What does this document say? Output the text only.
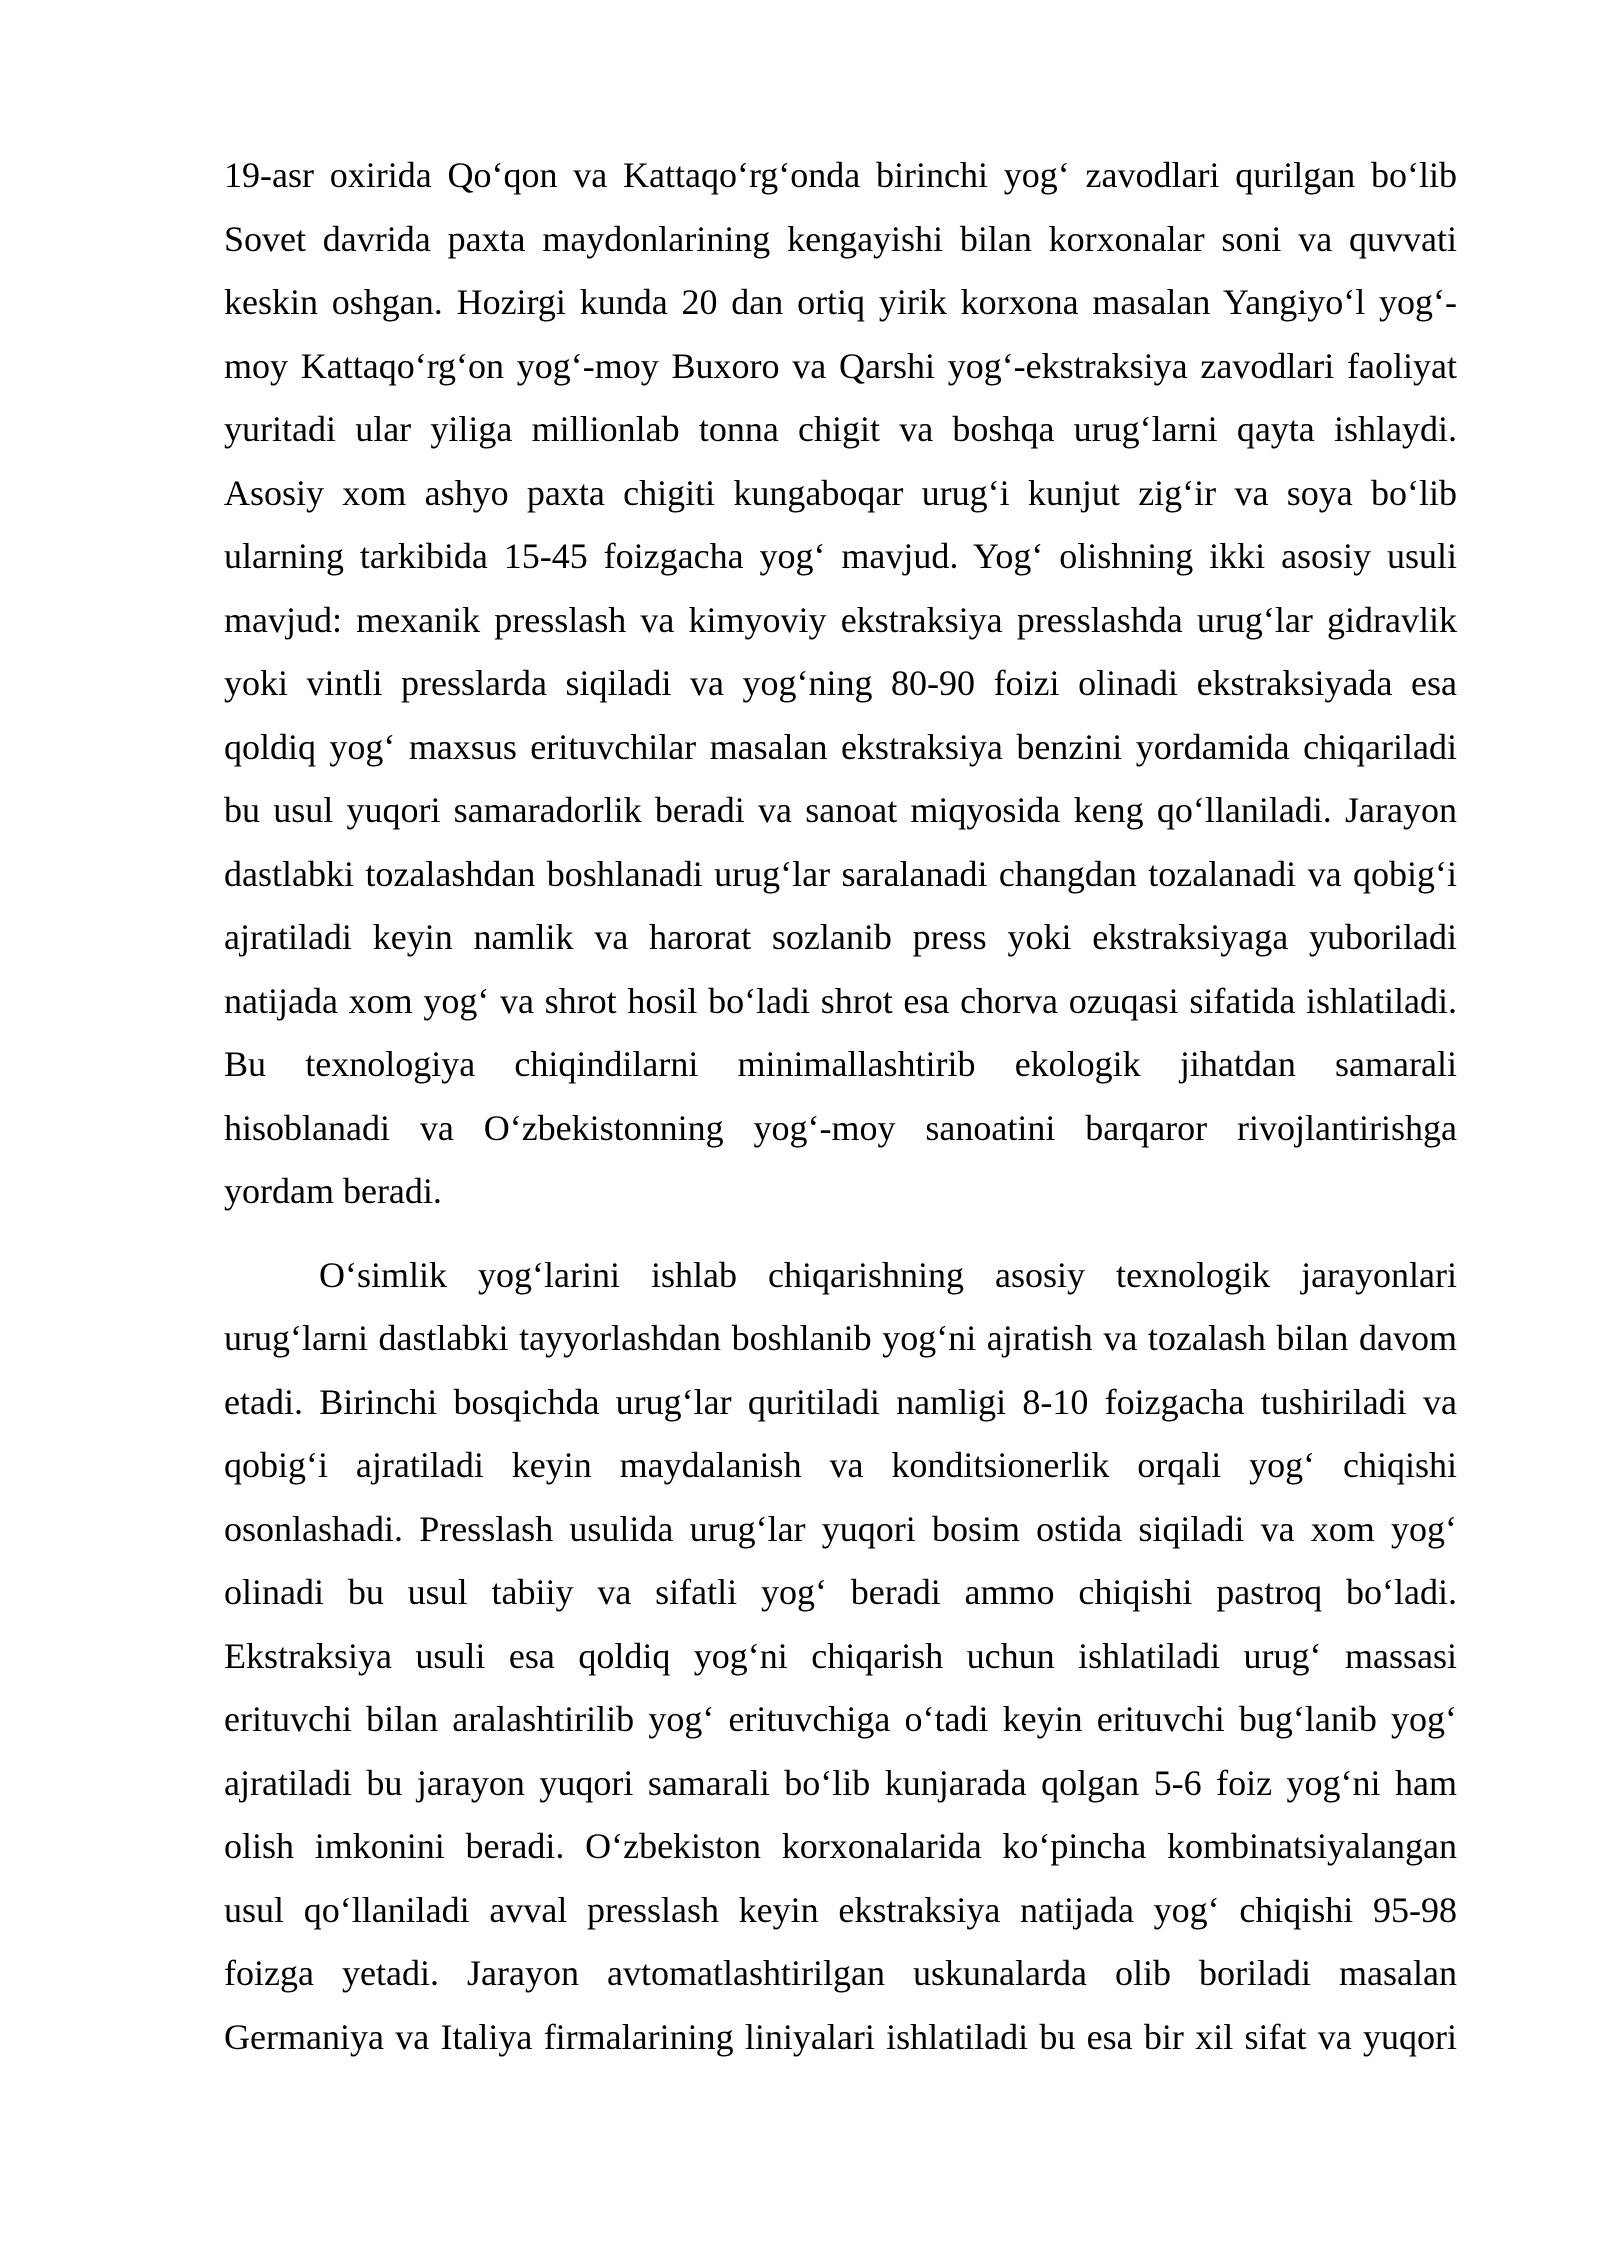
19-asr oxirida Qo‘qon va Kattaqo‘rg‘onda birinchi yog‘ zavodlari qurilgan bo‘lib
Sovet davrida paxta maydonlarining kengayishi bilan korxonalar soni va quvvati
keskin oshgan. Hozirgi kunda 20 dan ortiq yirik korxona masalan Yangiyo‘l yog‘-
moy Kattaqo‘rg‘on yog‘-moy Buxoro va Qarshi yog‘-ekstraksiya zavodlari faoliyat
yuritadi ular yiliga millionlab tonna chigit va boshqa urug‘larni qayta ishlaydi.
Asosiy xom ashyo paxta chigiti kungaboqar urug‘i kunjut zig‘ir va soya bo‘lib
ularning tarkibida 15-45 foizgacha yog‘ mavjud. Yog‘ olishning ikki asosiy usuli
mavjud: mexanik presslash va kimyoviy ekstraksiya presslashda urug‘lar gidravlik
yoki vintli presslarda siqiladi va yog‘ning 80-90 foizi olinadi ekstraksiyada esa
qoldiq yog‘ maxsus erituvchilar masalan ekstraksiya benzini yordamida chiqariladi
bu usul yuqori samaradorlik beradi va sanoat miqyosida keng qo‘llaniladi. Jarayon
dastlabki tozalashdan boshlanadi urug‘lar saralanadi changdan tozalanadi va qobig‘i
ajratiladi keyin namlik va harorat sozlanib press yoki ekstraksiyaga yuboriladi
natijada xom yog‘ va shrot hosil bo‘ladi shrot esa chorva ozuqasi sifatida ishlatiladi.
Bu texnologiya chiqindilarni minimallashtirib ekologik jihatdan samarali
hisoblanadi va O‘zbekistonning yog‘-moy sanoatini barqaror rivojlantirishga
yordam beradi.
O‘simlik yog‘larini ishlab chiqarishning asosiy texnologik jarayonlari
urug‘larni dastlabki tayyorlashdan boshlanib yog‘ni ajratish va tozalash bilan davom
etadi. Birinchi bosqichda urug‘lar quritiladi namligi 8-10 foizgacha tushiriladi va
qobig‘i ajratiladi keyin maydalanish va konditsionerlik orqali yog‘ chiqishi
osonlashadi. Presslash usulida urug‘lar yuqori bosim ostida siqiladi va xom yog‘
olinadi bu usul tabiiy va sifatli yog‘ beradi ammo chiqishi pastroq bo‘ladi.
Ekstraksiya usuli esa qoldiq yog‘ni chiqarish uchun ishlatiladi urug‘ massasi
erituvchi bilan aralashtirilib yog‘ erituvchiga o‘tadi keyin erituvchi bug‘lanib yog‘
ajratiladi bu jarayon yuqori samarali bo‘lib kunjarada qolgan 5-6 foiz yog‘ni ham
olish imkonini beradi. O‘zbekiston korxonalarida ko‘pincha kombinatsiyalangan
usul qo‘llaniladi avval presslash keyin ekstraksiya natijada yog‘ chiqishi 95-98
foizga yetadi. Jarayon avtomatlashtirilgan uskunalarda olib boriladi masalan
Germaniya va Italiya firmalarining liniyalari ishlatiladi bu esa bir xil sifat va yuqori
